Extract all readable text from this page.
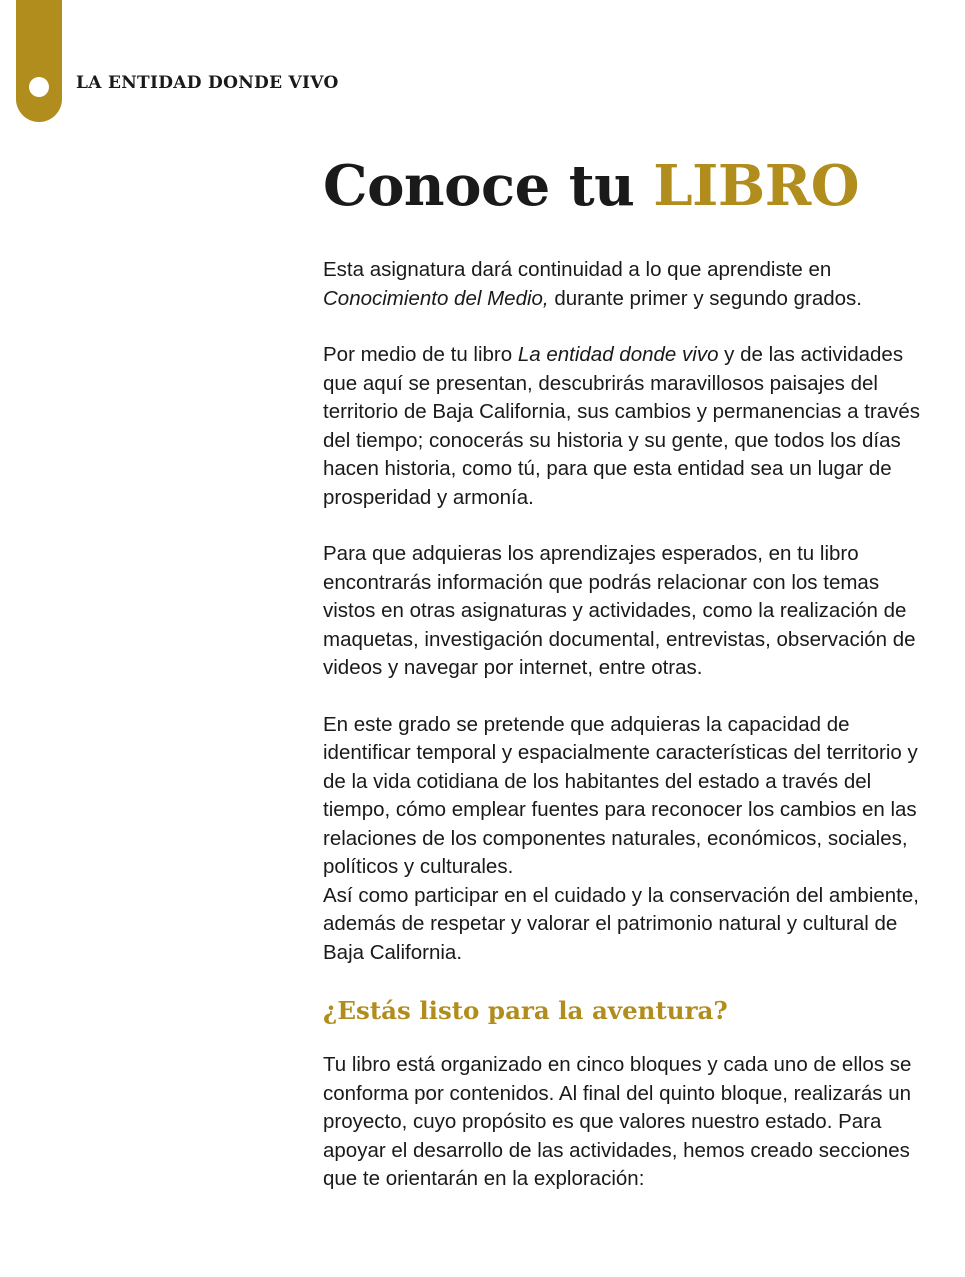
LA ENTIDAD DONDE VIVO
Conoce tu LIBRO

Esta asignatura dará continuidad a lo que aprendiste en Conocimiento del Medio, durante primer y segundo grados.

Por medio de tu libro La entidad donde vivo y de las actividades que aquí se presentan, descubrirás maravillosos paisajes del territorio de Baja California, sus cambios y permanencias a través del tiempo; conocerás su historia y su gente, que todos los días hacen historia, como tú, para que esta entidad sea un lugar de prosperidad y armonía.

Para que adquieras los aprendizajes esperados, en tu libro encontrarás información que podrás relacionar con los temas vistos en otras asignaturas y actividades, como la realización de maquetas, investigación documental, entrevistas, observación de videos y navegar por internet, entre otras.

En este grado se pretende que adquieras la capacidad de identificar temporal y espacialmente características del territorio y de la vida cotidiana de los habitantes del estado a través del tiempo, cómo emplear fuentes para reconocer los cambios en las relaciones de los componentes naturales, económicos, sociales, políticos y culturales.
Así como participar en el cuidado y la conservación del ambiente, además de respetar y valorar el patrimonio natural y cultural de Baja California.

¿Estás listo para la aventura?

Tu libro está organizado en cinco bloques y cada uno de ellos se conforma por contenidos. Al final del quinto bloque, realizarás un proyecto, cuyo propósito es que valores nuestro estado. Para apoyar el desarrollo de las actividades, hemos creado secciones que te orientarán en la exploración:
